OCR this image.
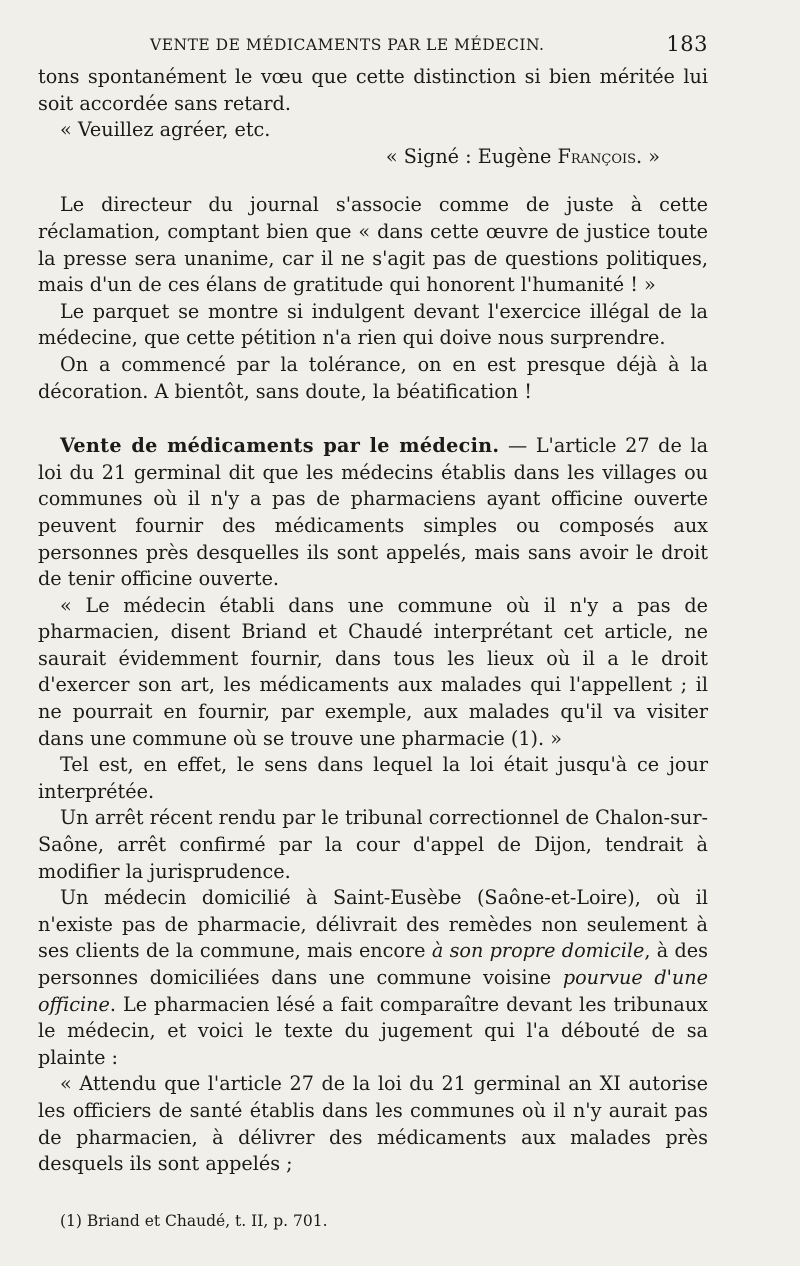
VENTE DE MÉDICAMENTS PAR LE MÉDECIN.	183

tons spontanément le vœu que cette distinction si bien méritée lui soit accordée sans retard.

« Veuillez agréer, etc.

« Signé : Eugène François. »

Le directeur du journal s'associe comme de juste à cette réclamation, comptant bien que « dans cette œuvre de justice toute la presse sera unanime, car il ne s'agit pas de questions politiques, mais d'un de ces élans de gratitude qui honorent l'humanité ! »

Le parquet se montre si indulgent devant l'exercice illégal de la médecine, que cette pétition n'a rien qui doive nous surprendre.

On a commencé par la tolérance, on en est presque déjà à la décoration. A bientôt, sans doute, la béatification !

Vente de médicaments par le médecin. — L'article 27 de la loi du 21 germinal dit que les médecins établis dans les villages ou communes où il n'y a pas de pharmaciens ayant officine ouverte peuvent fournir des médicaments simples ou composés aux personnes près desquelles ils sont appelés, mais sans avoir le droit de tenir officine ouverte.

« Le médecin établi dans une commune où il n'y a pas de pharmacien, disent Briand et Chaudé interprétant cet article, ne saurait évidemment fournir, dans tous les lieux où il a le droit d'exercer son art, les médicaments aux malades qui l'appellent ; il ne pourrait en fournir, par exemple, aux malades qu'il va visiter dans une commune où se trouve une pharmacie (1). »

Tel est, en effet, le sens dans lequel la loi était jusqu'à ce jour interprétée.

Un arrêt récent rendu par le tribunal correctionnel de Chalon-sur-Saône, arrêt confirmé par la cour d'appel de Dijon, tendrait à modifier la jurisprudence.

Un médecin domicilié à Saint-Eusèbe (Saône-et-Loire), où il n'existe pas de pharmacie, délivrait des remèdes non seulement à ses clients de la commune, mais encore à son propre domicile, à des personnes domiciliées dans une commune voisine pourvue d'une officine. Le pharmacien lésé a fait comparaître devant les tribunaux le médecin, et voici le texte du jugement qui l'a débouté de sa plainte :

« Attendu que l'article 27 de la loi du 21 germinal an XI autorise les officiers de santé établis dans les communes où il n'y aurait pas de pharmacien, à délivrer des médicaments aux malades près desquels ils sont appelés ;

(1) Briand et Chaudé, t. II, p. 701.
